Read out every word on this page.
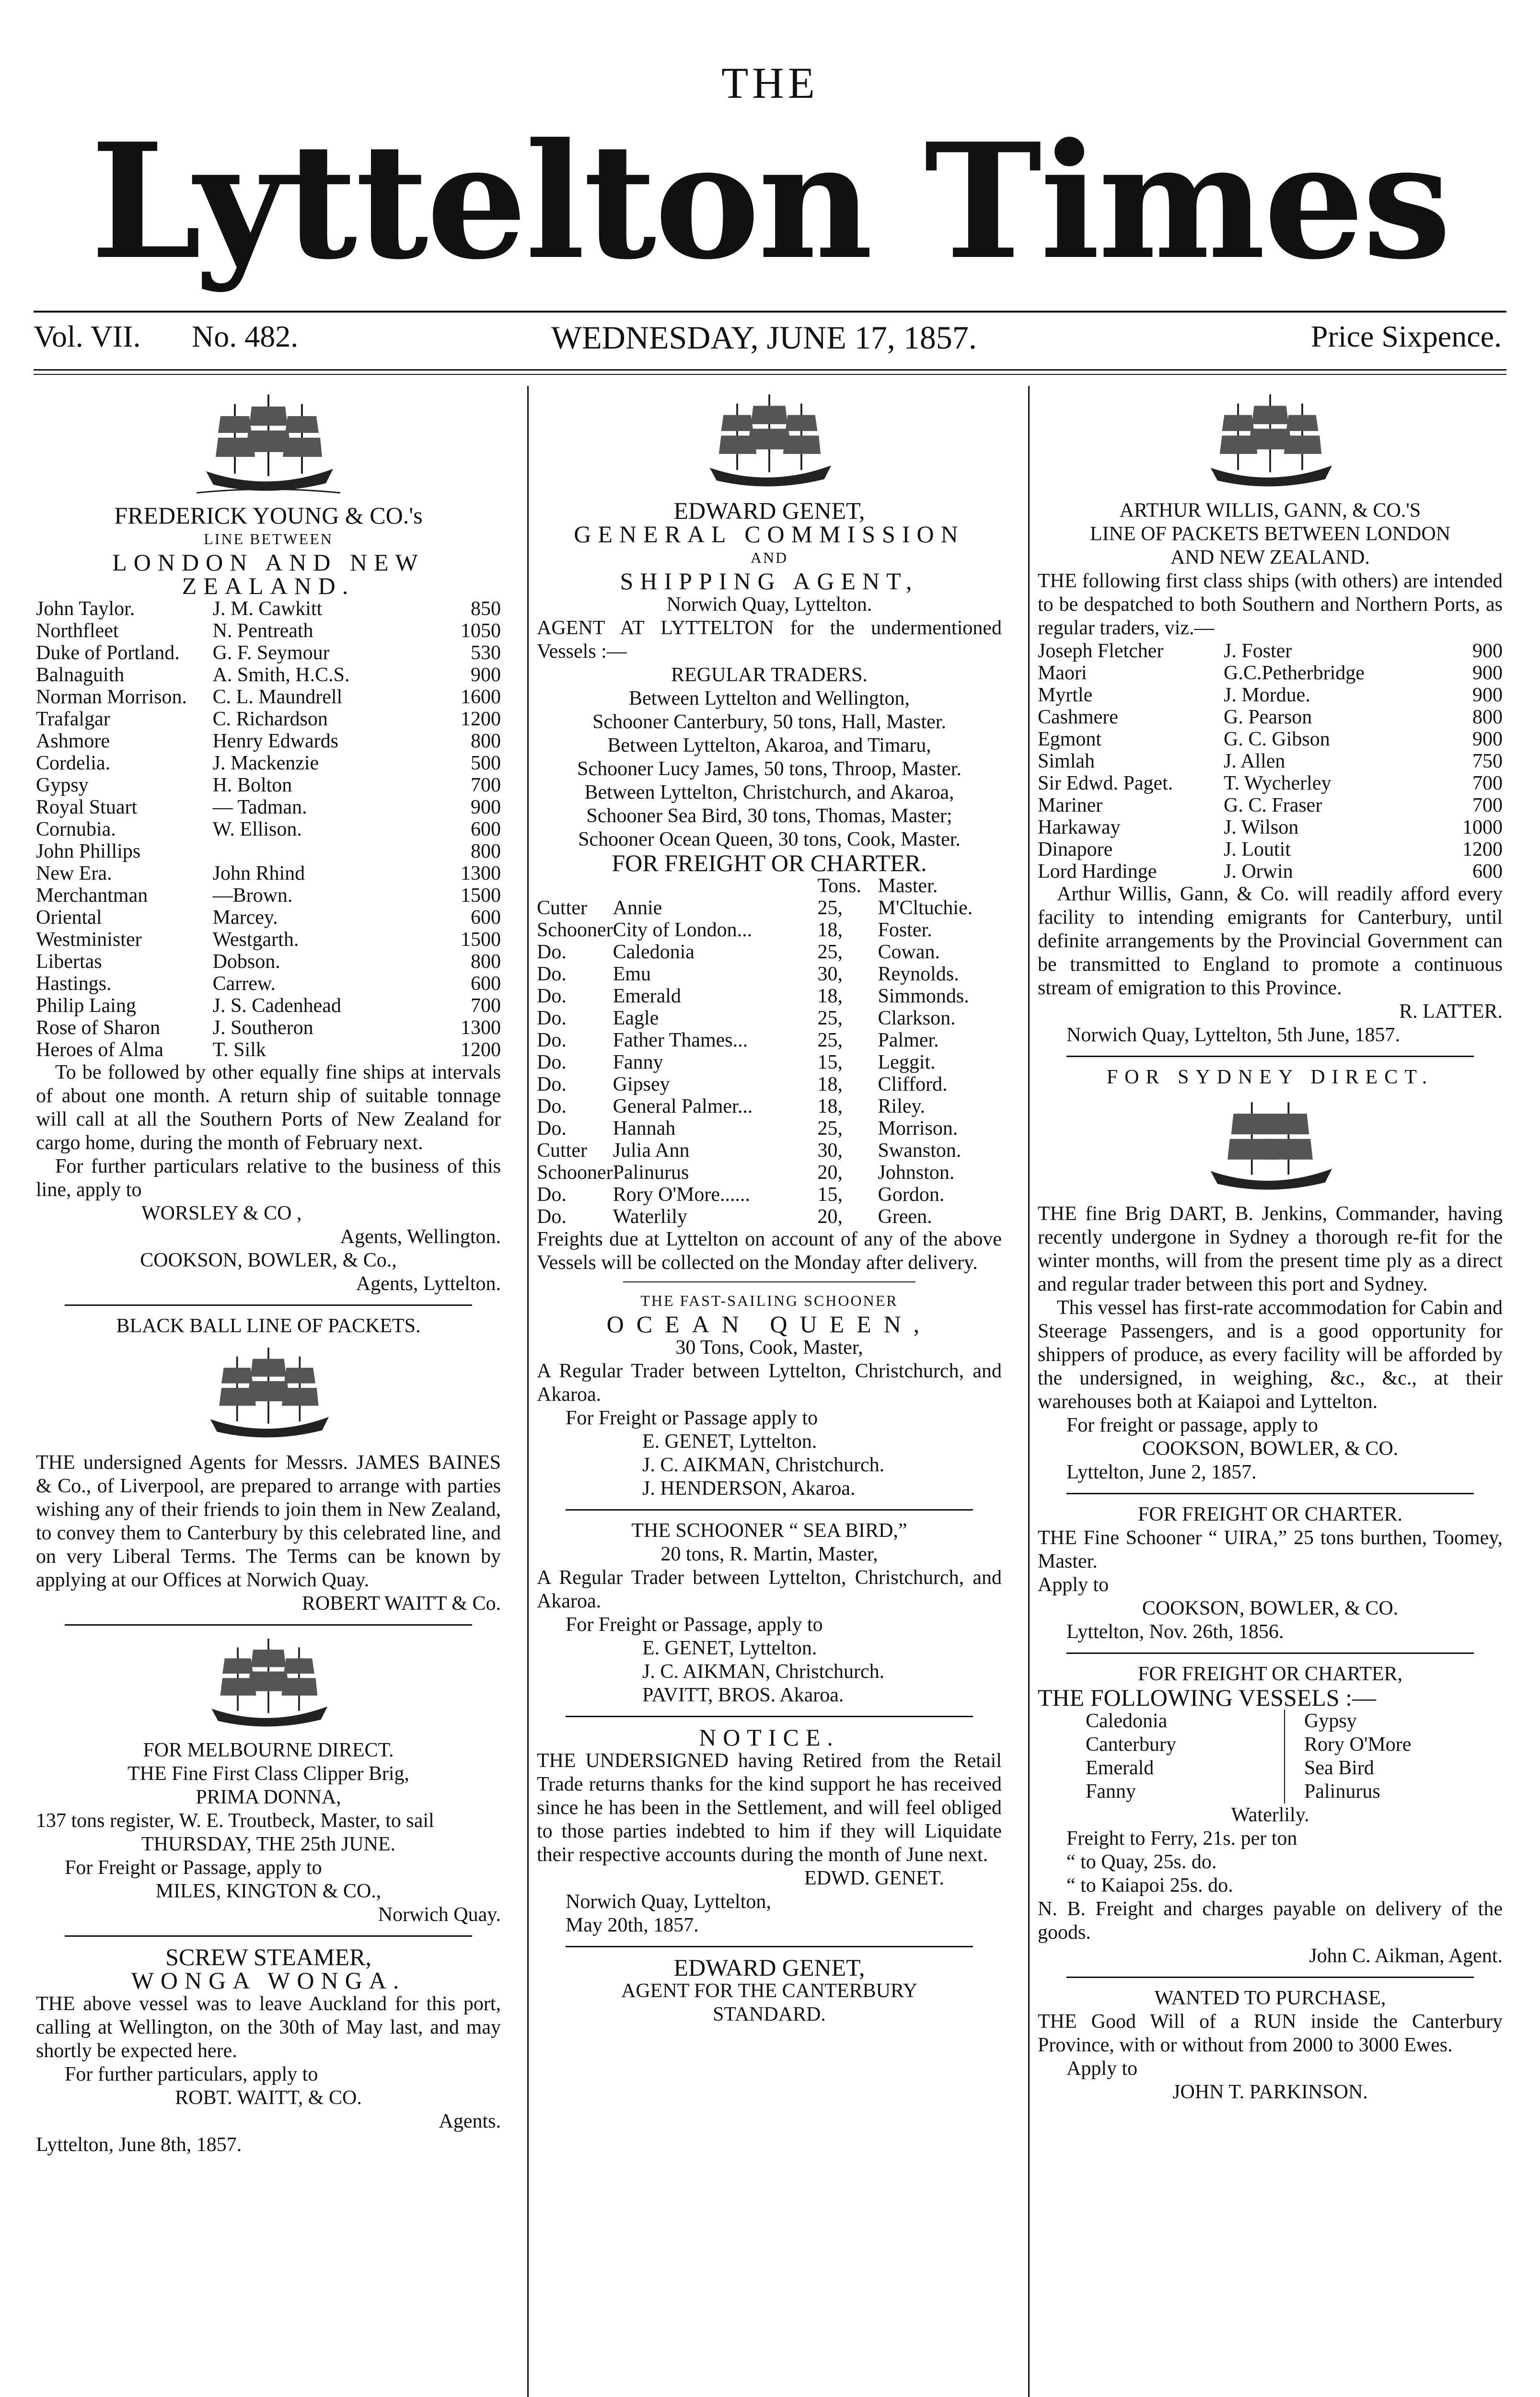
THE
Lyttelton Times
Vol. VII. No. 482.	WEDNESDAY, JUNE 17, 1857.	Price Sixpence.
FREDERICK YOUNG & CO.'s
LINE BETWEEN
LONDON AND NEW ZEALAND.
John Taylor.	J. M. Cawkitt	850
Northfleet	N. Pentreath	1050
Duke of Portland.	G. F. Seymour	530
Balnaguith	A. Smith, H.C.S.	900
Norman Morrison.	C. L. Maundrell	1600
Trafalgar	C. Richardson	1200
Ashmore	Henry Edwards	800
Cordelia.	J. Mackenzie	500
Gypsy	H. Bolton	700
Royal Stuart	— Tadman.	900
Cornubia.	W. Ellison.	600
John Phillips		800
New Era.	John Rhind	1300
Merchantman	—Brown.	1500
Oriental	Marcey.	600
Westminister	Westgarth.	1500
Libertas	Dobson.	800
Hastings.	Carrew.	600
Philip Laing	J. S. Cadenhead	700
Rose of Sharon	J. Southeron	1300
Heroes of Alma	T. Silk	1200
To be followed by other equally fine ships at intervals of about one month. A return ship of suitable tonnage will call at all the Southern Ports of New Zealand for cargo home, during the month of February next.
For further particulars relative to the business of this line, apply to
WORSLEY & CO ,
Agents, Wellington.
COOKSON, BOWLER, & Co.,
Agents, Lyttelton.
BLACK BALL LINE OF PACKETS.
THE undersigned Agents for Messrs. JAMES BAINES & Co., of Liverpool, are prepared to arrange with parties wishing any of their friends to join them in New Zealand, to convey them to Canterbury by this celebrated line, and on very Liberal Terms. The Terms can be known by applying at our Offices at Norwich Quay.
ROBERT WAITT & Co.
FOR MELBOURNE DIRECT.
THE Fine First Class Clipper Brig,
PRIMA DONNA,
137 tons register, W. E. Troutbeck, Master, to sail
THURSDAY, THE 25th JUNE.
For Freight or Passage, apply to
MILES, KINGTON & CO.,
Norwich Quay.
SCREW STEAMER,
WONGA WONGA.
THE above vessel was to leave Auckland for this port, calling at Wellington, on the 30th of May last, and may shortly be expected here.
For further particulars, apply to
ROBT. WAITT, & CO.
Agents.
Lyttelton, June 8th, 1857.
EDWARD GENET,
GENERAL COMMISSION
AND
SHIPPING AGENT,
Norwich Quay, Lyttelton.
AGENT AT LYTTELTON for the undermentioned Vessels :—
REGULAR TRADERS.
Between Lyttelton and Wellington,
Schooner Canterbury, 50 tons, Hall, Master.
Between Lyttelton, Akaroa, and Timaru,
Schooner Lucy James, 50 tons, Throop, Master.
Between Lyttelton, Christchurch, and Akaroa,
Schooner Sea Bird, 30 tons, Thomas, Master;
Schooner Ocean Queen, 30 tons, Cook, Master.
FOR FREIGHT OR CHARTER.
		Tons.	Master.
Cutter	Annie	25,	M'Cltuchie.
Schooner	City of London...	18,	Foster.
Do.	Caledonia	25,	Cowan.
Do.	Emu	30,	Reynolds.
Do.	Emerald	18,	Simmonds.
Do.	Eagle	25,	Clarkson.
Do.	Father Thames...	25,	Palmer.
Do.	Fanny	15,	Leggit.
Do.	Gipsey	18,	Clifford.
Do.	General Palmer...	18,	Riley.
Do.	Hannah	25,	Morrison.
Cutter	Julia Ann	30,	Swanston.
Schooner	Palinurus	20,	Johnston.
Do.	Rory O'More......	15,	Gordon.
Do.	Waterlily	20,	Green.
Freights due at Lyttelton on account of any of the above Vessels will be collected on the Monday after delivery.
THE FAST-SAILING SCHOONER
OCEAN QUEEN,
30 Tons, Cook, Master,
A Regular Trader between Lyttelton, Christchurch, and Akaroa.
For Freight or Passage apply to
E. GENET, Lyttelton.
J. C. AIKMAN, Christchurch.
J. HENDERSON, Akaroa.
THE SCHOONER “ SEA BIRD,”
20 tons, R. Martin, Master,
A Regular Trader between Lyttelton, Christchurch, and Akaroa.
For Freight or Passage, apply to
E. GENET, Lyttelton.
J. C. AIKMAN, Christchurch.
PAVITT, BROS. Akaroa.
NOTICE.
THE UNDERSIGNED having Retired from the Retail Trade returns thanks for the kind support he has received since he has been in the Settlement, and will feel obliged to those parties indebted to him if they will Liquidate their respective accounts during the month of June next.
EDWD. GENET.
Norwich Quay, Lyttelton,
May 20th, 1857.
EDWARD GENET,
AGENT FOR THE CANTERBURY
STANDARD.
ARTHUR WILLIS, GANN, & CO.'S
LINE OF PACKETS BETWEEN LONDON
AND NEW ZEALAND.
THE following first class ships (with others) are intended to be despatched to both Southern and Northern Ports, as regular traders, viz.—
Joseph Fletcher	J. Foster	900
Maori	G.C.Petherbridge	900
Myrtle	J. Mordue.	900
Cashmere	G. Pearson	800
Egmont	G. C. Gibson	900
Simlah	J. Allen	750
Sir Edwd. Paget.	T. Wycherley	700
Mariner	G. C. Fraser	700
Harkaway	J. Wilson	1000
Dinapore	J. Loutit	1200
Lord Hardinge	J. Orwin	600
Arthur Willis, Gann, & Co. will readily afford every facility to intending emigrants for Canterbury, until definite arrangements by the Provincial Government can be transmitted to England to promote a continuous stream of emigration to this Province.
R. LATTER.
Norwich Quay, Lyttelton, 5th June, 1857.
FOR SYDNEY DIRECT.
THE fine Brig DART, B. Jenkins, Commander, having recently undergone in Sydney a thorough re-fit for the winter months, will from the present time ply as a direct and regular trader between this port and Sydney.
This vessel has first-rate accommodation for Cabin and Steerage Passengers, and is a good opportunity for shippers of produce, as every facility will be afforded by the undersigned, in weighing, &c., &c., at their warehouses both at Kaiapoi and Lyttelton.
For freight or passage, apply to
COOKSON, BOWLER, & CO.
Lyttelton, June 2, 1857.
FOR FREIGHT OR CHARTER.
THE Fine Schooner “ UIRA,” 25 tons burthen, Toomey, Master.
Apply to
COOKSON, BOWLER, & CO.
Lyttelton, Nov. 26th, 1856.
FOR FREIGHT OR CHARTER,
THE FOLLOWING VESSELS :—
Caledonia
Canterbury
Emerald
Fanny
Gypsy
Rory O'More
Sea Bird
Palinurus
Waterlily.
Freight to Ferry, 21s. per ton
“ to Quay, 25s. do.
“ to Kaiapoi 25s. do.
N. B. Freight and charges payable on delivery of the goods.
John C. Aikman, Agent.
WANTED TO PURCHASE,
THE Good Will of a RUN inside the Canterbury Province, with or without from 2000 to 3000 Ewes.
Apply to
JOHN T. PARKINSON.
